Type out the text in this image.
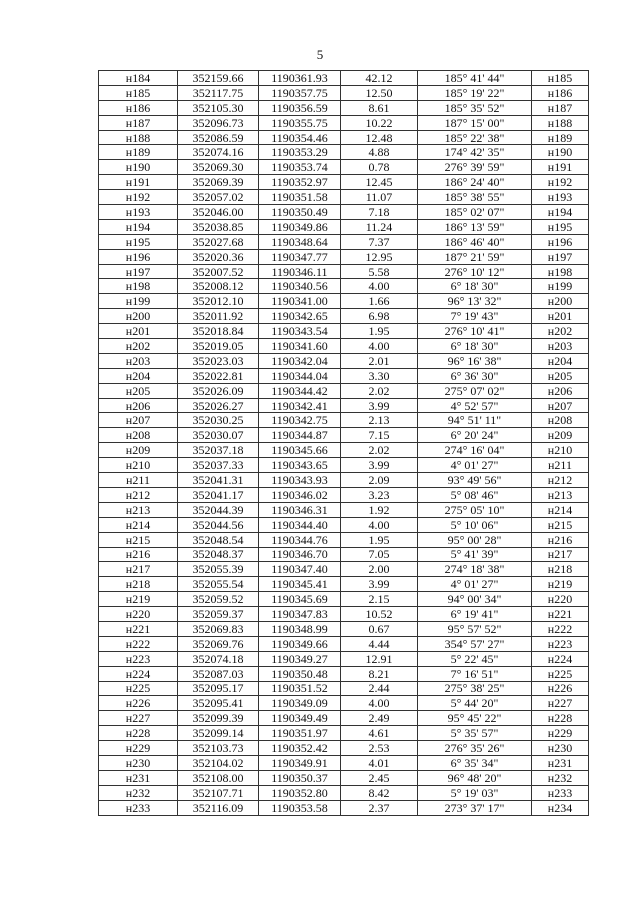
5
н184	352159.66	1190361.93	42.12	185° 41' 44"	н185
н185	352117.75	1190357.75	12.50	185° 19' 22"	н186
н186	352105.30	1190356.59	8.61	185° 35' 52"	н187
н187	352096.73	1190355.75	10.22	187° 15' 00"	н188
н188	352086.59	1190354.46	12.48	185° 22' 38"	н189
н189	352074.16	1190353.29	4.88	174° 42' 35"	н190
н190	352069.30	1190353.74	0.78	276° 39' 59"	н191
н191	352069.39	1190352.97	12.45	186° 24' 40"	н192
н192	352057.02	1190351.58	11.07	185° 38' 55"	н193
н193	352046.00	1190350.49	7.18	185° 02' 07"	н194
н194	352038.85	1190349.86	11.24	186° 13' 59"	н195
н195	352027.68	1190348.64	7.37	186° 46' 40"	н196
н196	352020.36	1190347.77	12.95	187° 21' 59"	н197
н197	352007.52	1190346.11	5.58	276° 10' 12"	н198
н198	352008.12	1190340.56	4.00	6° 18' 30"	н199
н199	352012.10	1190341.00	1.66	96° 13' 32"	н200
н200	352011.92	1190342.65	6.98	7° 19' 43"	н201
н201	352018.84	1190343.54	1.95	276° 10' 41"	н202
н202	352019.05	1190341.60	4.00	6° 18' 30"	н203
н203	352023.03	1190342.04	2.01	96° 16' 38"	н204
н204	352022.81	1190344.04	3.30	6° 36' 30"	н205
н205	352026.09	1190344.42	2.02	275° 07' 02"	н206
н206	352026.27	1190342.41	3.99	4° 52' 57"	н207
н207	352030.25	1190342.75	2.13	94° 51' 11"	н208
н208	352030.07	1190344.87	7.15	6° 20' 24"	н209
н209	352037.18	1190345.66	2.02	274° 16' 04"	н210
н210	352037.33	1190343.65	3.99	4° 01' 27"	н211
н211	352041.31	1190343.93	2.09	93° 49' 56"	н212
н212	352041.17	1190346.02	3.23	5° 08' 46"	н213
н213	352044.39	1190346.31	1.92	275° 05' 10"	н214
н214	352044.56	1190344.40	4.00	5° 10' 06"	н215
н215	352048.54	1190344.76	1.95	95° 00' 28"	н216
н216	352048.37	1190346.70	7.05	5° 41' 39"	н217
н217	352055.39	1190347.40	2.00	274° 18' 38"	н218
н218	352055.54	1190345.41	3.99	4° 01' 27"	н219
н219	352059.52	1190345.69	2.15	94° 00' 34"	н220
н220	352059.37	1190347.83	10.52	6° 19' 41"	н221
н221	352069.83	1190348.99	0.67	95° 57' 52"	н222
н222	352069.76	1190349.66	4.44	354° 57' 27"	н223
н223	352074.18	1190349.27	12.91	5° 22' 45"	н224
н224	352087.03	1190350.48	8.21	7° 16' 51"	н225
н225	352095.17	1190351.52	2.44	275° 38' 25"	н226
н226	352095.41	1190349.09	4.00	5° 44' 20"	н227
н227	352099.39	1190349.49	2.49	95° 45' 22"	н228
н228	352099.14	1190351.97	4.61	5° 35' 57"	н229
н229	352103.73	1190352.42	2.53	276° 35' 26"	н230
н230	352104.02	1190349.91	4.01	6° 35' 34"	н231
н231	352108.00	1190350.37	2.45	96° 48' 20"	н232
н232	352107.71	1190352.80	8.42	5° 19' 03"	н233
н233	352116.09	1190353.58	2.37	273° 37' 17"	н234
